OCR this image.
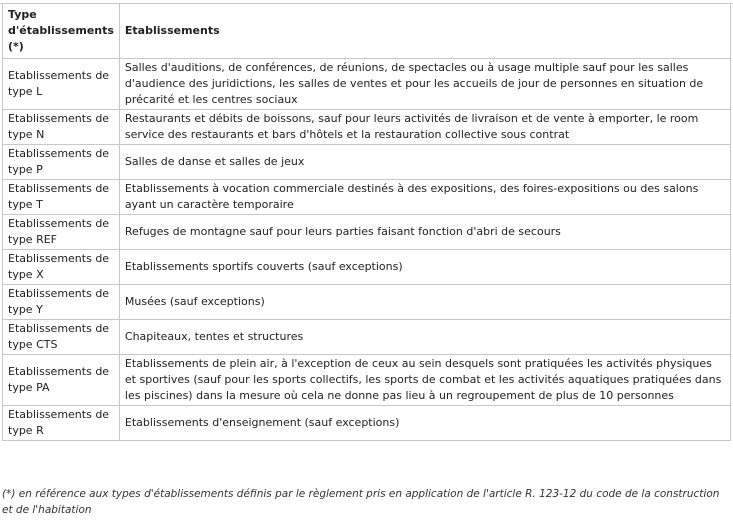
Type d'établissements (*)	Etablissements
Etablissements de type L	Salles d'auditions, de conférences, de réunions, de spectacles ou à usage multiple sauf pour les salles d'audience des juridictions, les salles de ventes et pour les accueils de jour de personnes en situation de précarité et les centres sociaux
Etablissements de type N	Restaurants et débits de boissons, sauf pour leurs activités de livraison et de vente à emporter, le room service des restaurants et bars d'hôtels et la restauration collective sous contrat
Etablissements de type P	Salles de danse et salles de jeux
Etablissements de type T	Etablissements à vocation commerciale destinés à des expositions, des foires-expositions ou des salons ayant un caractère temporaire
Etablissements de type REF	Refuges de montagne sauf pour leurs parties faisant fonction d'abri de secours
Etablissements de type X	Etablissements sportifs couverts (sauf exceptions)
Etablissements de type Y	Musées (sauf exceptions)
Etablissements de type CTS	Chapiteaux, tentes et structures
Etablissements de type PA	Etablissements de plein air, à l'exception de ceux au sein desquels sont pratiquées les activités physiques et sportives (sauf pour les sports collectifs, les sports de combat et les activités aquatiques pratiquées dans les piscines) dans la mesure où cela ne donne pas lieu à un regroupement de plus de 10 personnes
Etablissements de type R	Etablissements d'enseignement (sauf exceptions)
(*) en référence aux types d'établissements définis par le règlement pris en application de l'article R. 123-12 du code de la construction et de l'habitation
